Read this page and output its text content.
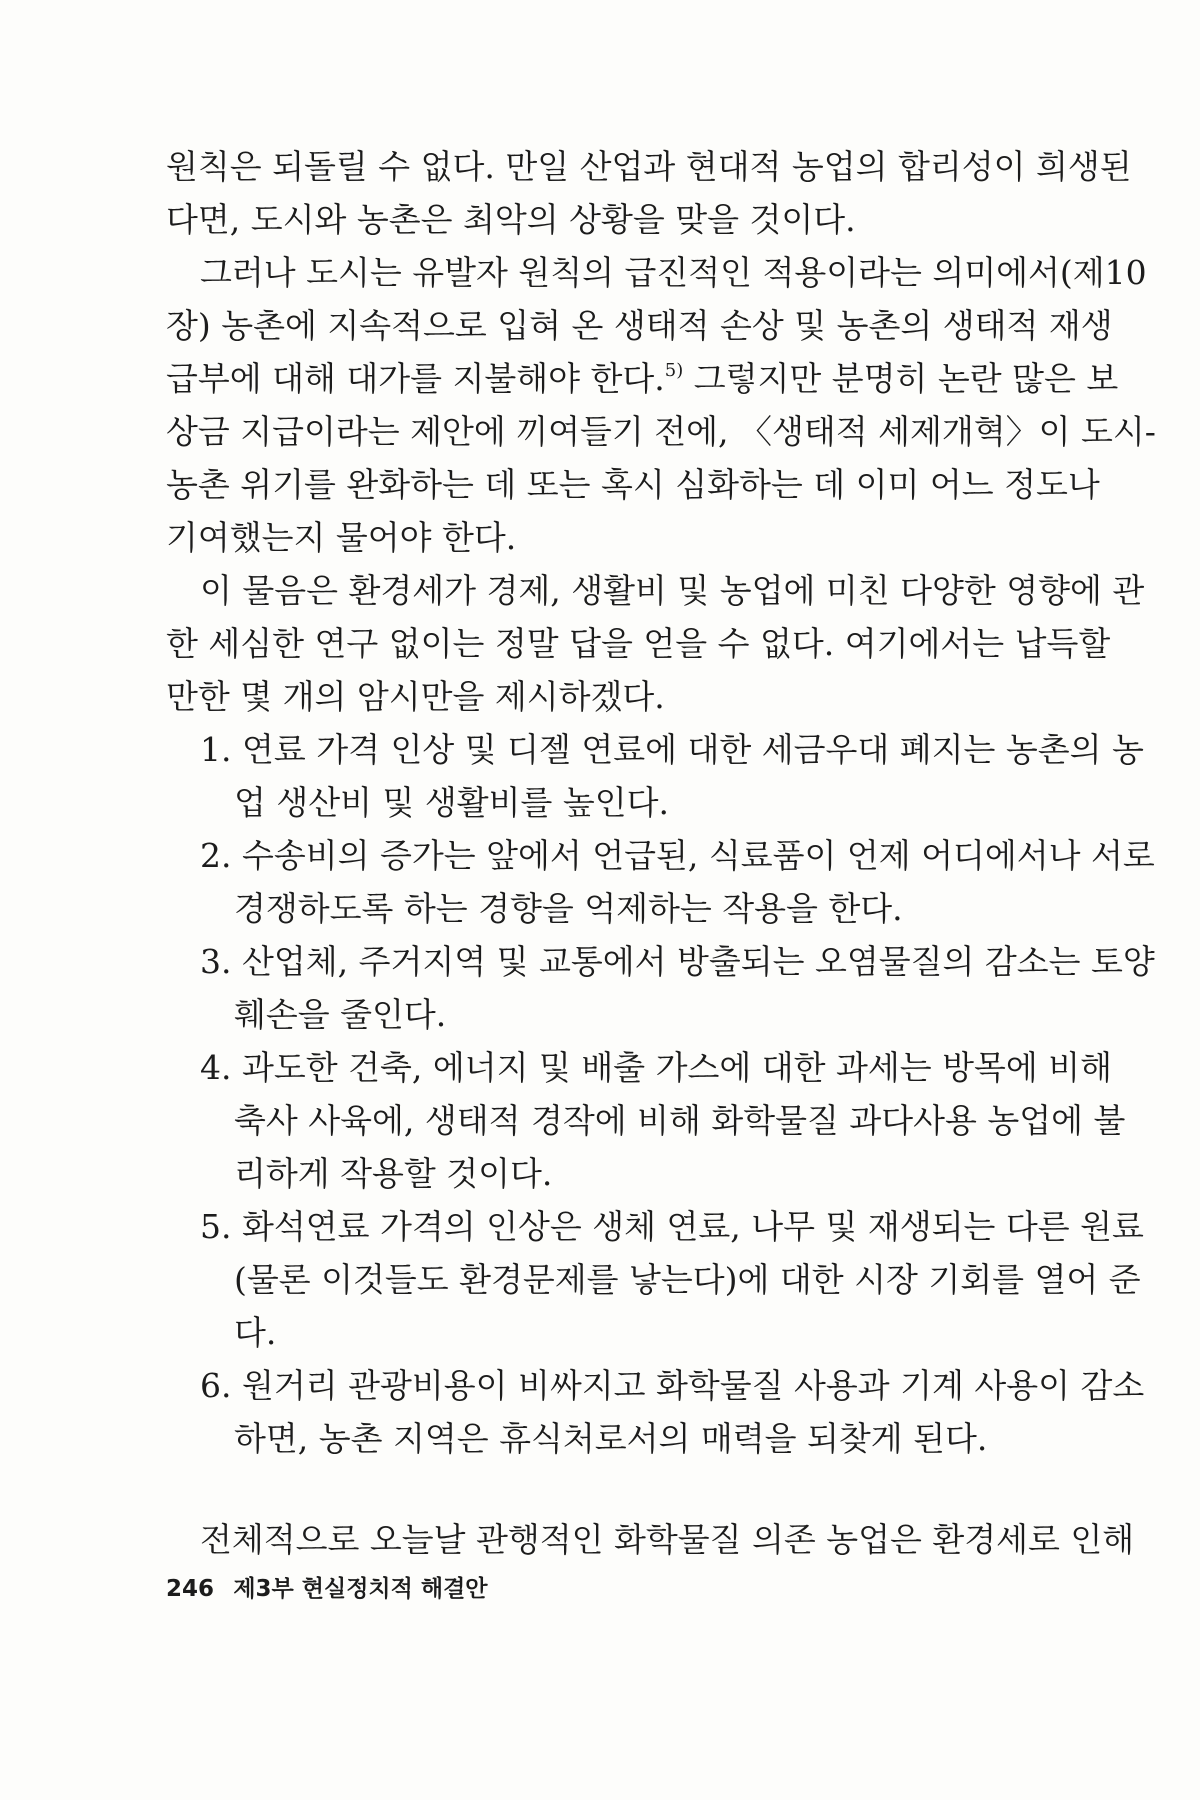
원칙은 되돌릴 수 없다. 만일 산업과 현대적 농업의 합리성이 희생된
다면, 도시와 농촌은 최악의 상황을 맞을 것이다.
그러나 도시는 유발자 원칙의 급진적인 적용이라는 의미에서(제10
장) 농촌에 지속적으로 입혀 온 생태적 손상 및 농촌의 생태적 재생
급부에 대해 대가를 지불해야 한다.$^{5)}$ 그렇지만 분명히 논란 많은 보
상금 지급이라는 제안에 끼여들기 전에, 〈생태적 세제개혁〉이 도시-
농촌 위기를 완화하는 데 또는 혹시 심화하는 데 이미 어느 정도나
기여했는지 물어야 한다.
이 물음은 환경세가 경제, 생활비 및 농업에 미친 다양한 영향에 관
한 세심한 연구 없이는 정말 답을 얻을 수 없다. 여기에서는 납득할
만한 몇 개의 암시만을 제시하겠다.
1. 연료 가격 인상 및 디젤 연료에 대한 세금우대 폐지는 농촌의 농
업 생산비 및 생활비를 높인다.
2. 수송비의 증가는 앞에서 언급된, 식료품이 언제 어디에서나 서로
경쟁하도록 하는 경향을 억제하는 작용을 한다.
3. 산업체, 주거지역 및 교통에서 방출되는 오염물질의 감소는 토양
훼손을 줄인다.
4. 과도한 건축, 에너지 및 배출 가스에 대한 과세는 방목에 비해
축사 사육에, 생태적 경작에 비해 화학물질 과다사용 농업에 불
리하게 작용할 것이다.
5. 화석연료 가격의 인상은 생체 연료, 나무 및 재생되는 다른 원료
(물론 이것들도 환경문제를 낳는다)에 대한 시장 기회를 열어 준
다.
6. 원거리 관광비용이 비싸지고 화학물질 사용과 기계 사용이 감소
하면, 농촌 지역은 휴식처로서의 매력을 되찾게 된다.
전체적으로 오늘날 관행적인 화학물질 의존 농업은 환경세로 인해
246 제3부 현실정치적 해결안
